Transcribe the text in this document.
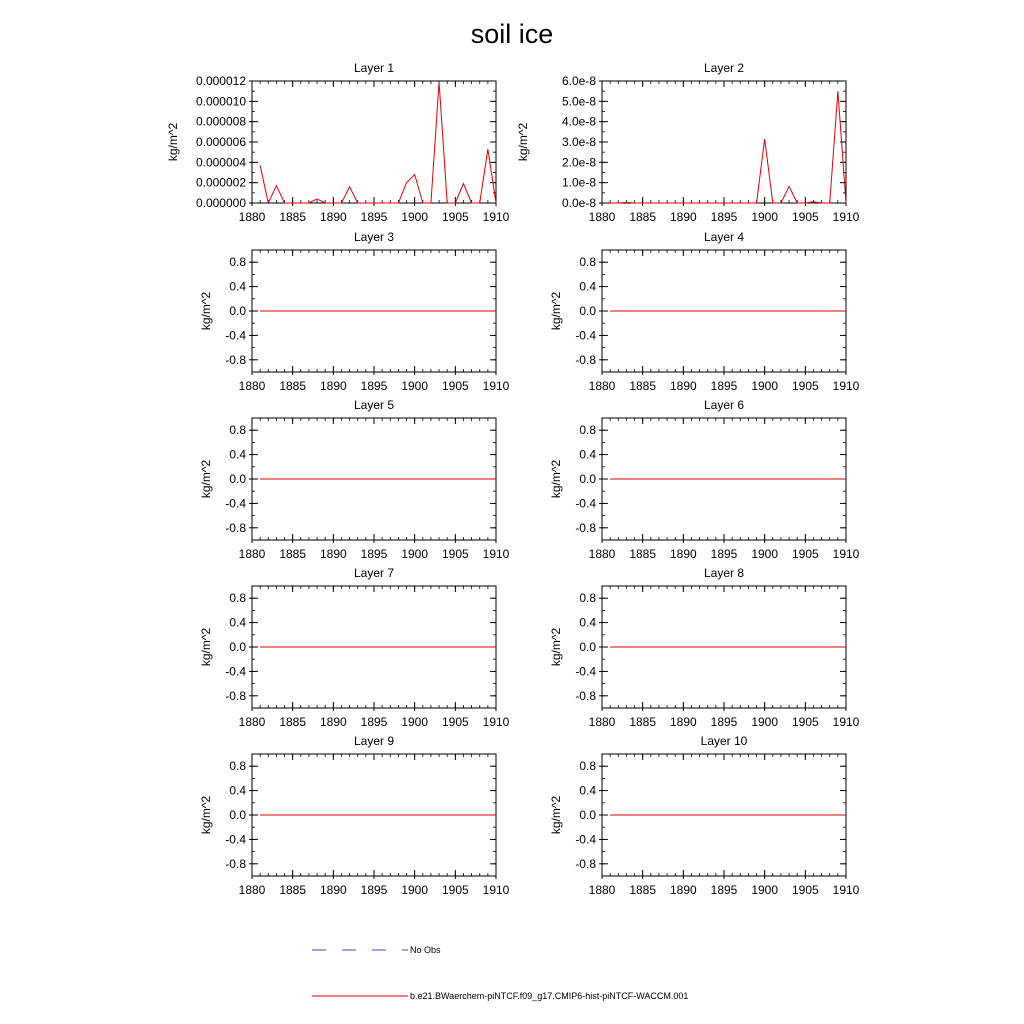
soil ice
Layer 1
1880 1885 1890 1895 1900 1905 1910
0.000000
0.000002
0.000004
0.000006
0.000008
0.000010
0.000012
kg/m^2
Layer 2
1880 1885 1890 1895 1900 1905 1910
0.0e-8
1.0e-8
2.0e-8
3.0e-8
4.0e-8
5.0e-8
6.0e-8
kg/m^2
Layer 3
1880 1885 1890 1895 1900 1905 1910
-0.8
-0.4
0.0
0.4
0.8
kg/m^2
Layer 4
1880 1885 1890 1895 1900 1905 1910
-0.8
-0.4
0.0
0.4
0.8
kg/m^2
Layer 5
1880 1885 1890 1895 1900 1905 1910
-0.8
-0.4
0.0
0.4
0.8
kg/m^2
Layer 6
1880 1885 1890 1895 1900 1905 1910
-0.8
-0.4
0.0
0.4
0.8
kg/m^2
Layer 7
1880 1885 1890 1895 1900 1905 1910
-0.8
-0.4
0.0
0.4
0.8
kg/m^2
Layer 8
1880 1885 1890 1895 1900 1905 1910
-0.8
-0.4
0.0
0.4
0.8
kg/m^2
Layer 9
1880 1885 1890 1895 1900 1905 1910
-0.8
-0.4
0.0
0.4
0.8
kg/m^2
Layer 10
1880 1885 1890 1895 1900 1905 1910
-0.8
-0.4
0.0
0.4
0.8
kg/m^2
No Obs
b.e21.BWaerchem-piNTCF.f09_g17.CMIP6-hist-piNTCF-WACCM.001
